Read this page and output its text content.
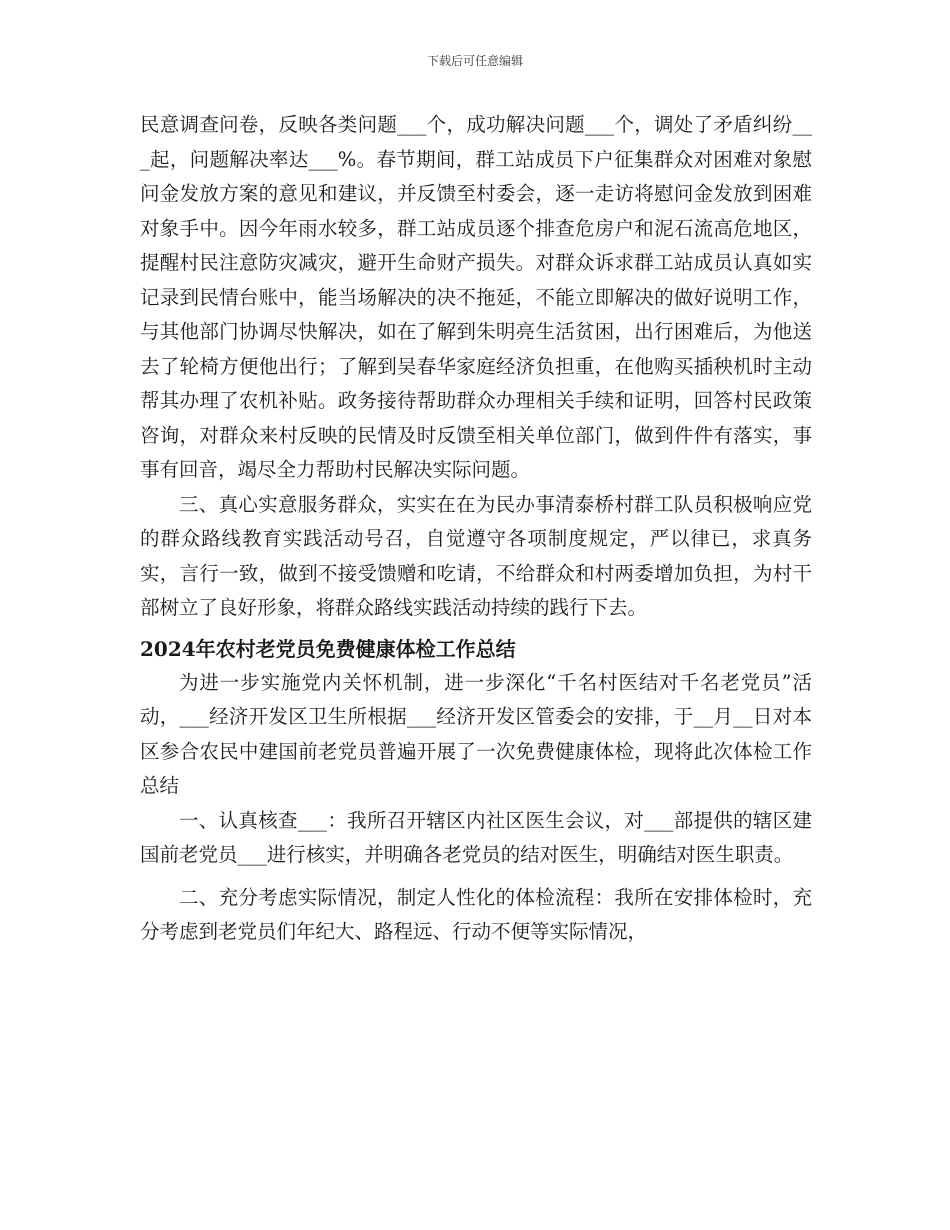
下载后可任意编辑

民意调查问卷，反映各类问题___个，成功解决问题___个，调处了矛盾纠纷___起，问题解决率达___%。春节期间，群工站成员下户征集群众对困难对象慰问金发放方案的意见和建议，并反馈至村委会，逐一走访将慰问金发放到困难对象手中。因今年雨水较多，群工站成员逐个排查危房户和泥石流高危地区，提醒村民注意防灾减灾，避开生命财产损失。对群众诉求群工站成员认真如实记录到民情台账中，能当场解决的决不拖延，不能立即解决的做好说明工作，与其他部门协调尽快解决，如在了解到朱明亮生活贫困，出行困难后，为他送去了轮椅方便他出行；了解到吴春华家庭经济负担重，在他购买插秧机时主动帮其办理了农机补贴。政务接待帮助群众办理相关手续和证明，回答村民政策咨询，对群众来村反映的民情及时反馈至相关单位部门，做到件件有落实，事事有回音，竭尽全力帮助村民解决实际问题。

三、真心实意服务群众，实实在在为民办事清泰桥村群工队员积极响应党的群众路线教育实践活动号召，自觉遵守各项制度规定，严以律已，求真务实，言行一致，做到不接受馈赠和吃请，不给群众和村两委增加负担，为村干部树立了良好形象，将群众路线实践活动持续的践行下去。

2024年农村老党员免费健康体检工作总结

为进一步实施党内关怀机制，进一步深化“千名村医结对千名老党员”活动，___经济开发区卫生所根据___经济开发区管委会的安排，于__月__日对本区参合农民中建国前老党员普遍开展了一次免费健康体检，现将此次体检工作总结

一、认真核查___：我所召开辖区内社区医生会议，对___部提供的辖区建国前老党员___进行核实，并明确各老党员的结对医生，明确结对医生职责。

二、充分考虑实际情况，制定人性化的体检流程：我所在安排体检时，充分考虑到老党员们年纪大、路程远、行动不便等实际情况，
